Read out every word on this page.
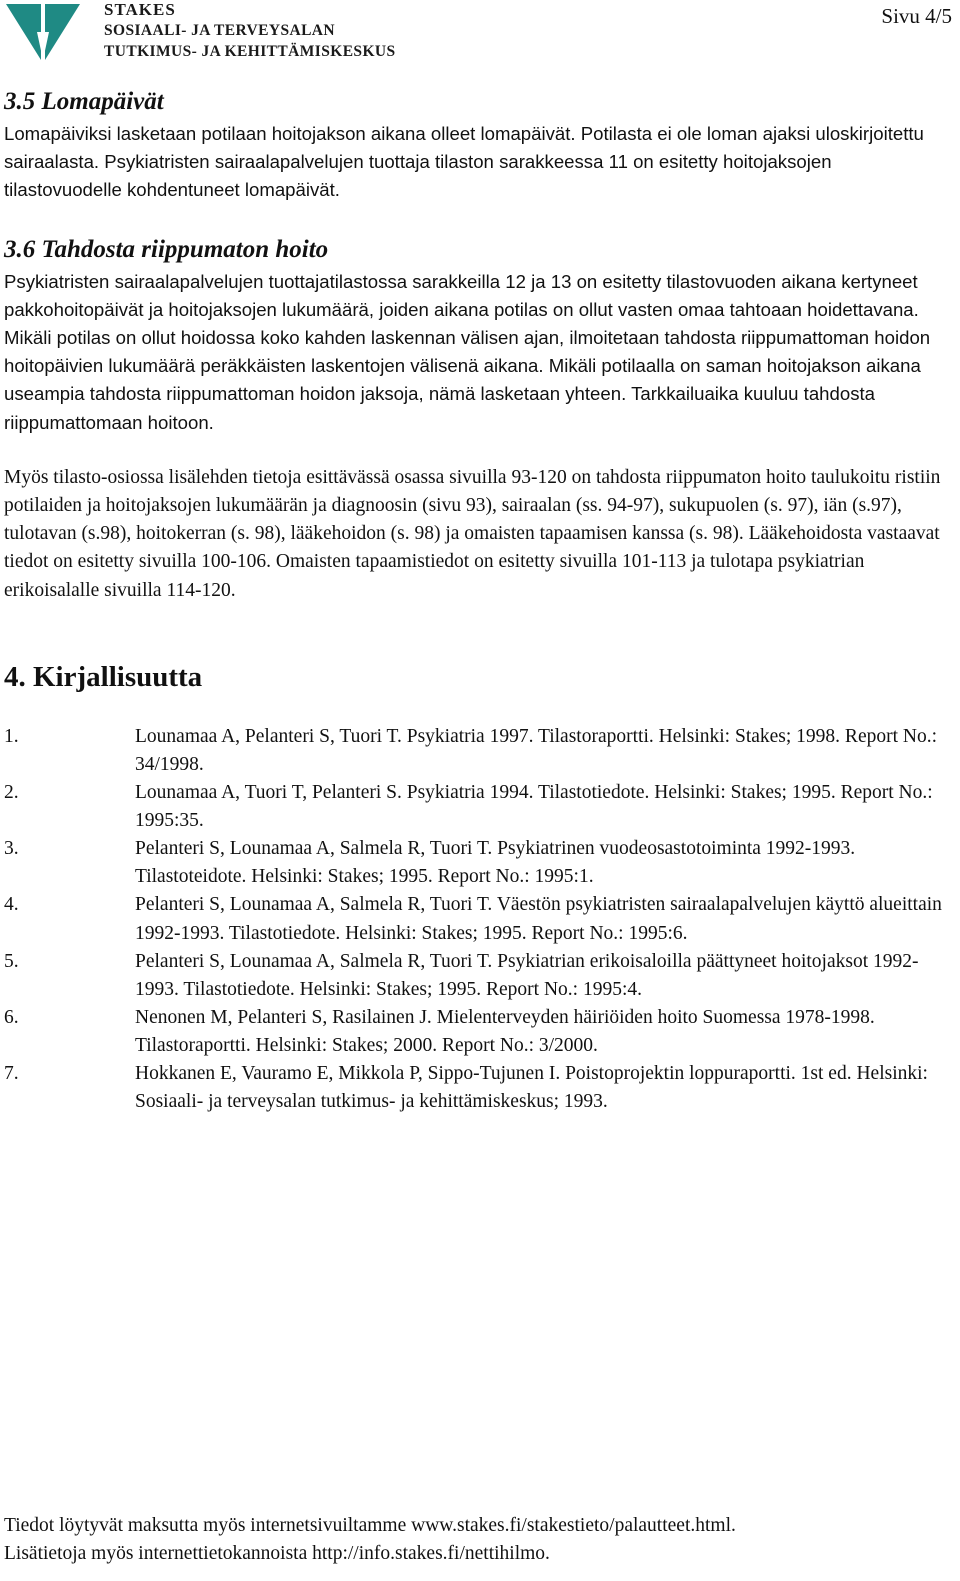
STAKES
SOSIAALI- JA TERVEYSALAN
TUTKIMUS- JA KEHITTÄMISKESKUS
Sivu 4/5
3.5 Lomapäivät

Lomapäiviksi lasketaan potilaan hoitojakson aikana olleet lomapäivät. Potilasta ei ole loman ajaksi uloskirjoitettu sairaalasta. Psykiatristen sairaalapalvelujen tuottaja tilaston sarakkeessa 11 on esitetty hoitojaksojen tilastovuodelle kohdentuneet lomapäivät.

3.6 Tahdosta riippumaton hoito

Psykiatristen sairaalapalvelujen tuottajatilastossa sarakkeilla 12 ja 13 on esitetty tilastovuoden aikana kertyneet pakkohoitopäivät ja hoitojaksojen lukumäärä, joiden aikana potilas on ollut vasten omaa tahtoaan hoidettavana. Mikäli potilas on ollut hoidossa koko kahden laskennan välisen ajan, ilmoitetaan tahdosta riippumattoman hoidon hoitopäivien lukumäärä peräkkäisten laskentojen välisenä aikana. Mikäli potilaalla on saman hoitojakson aikana useampia tahdosta riippumattoman hoidon jaksoja, nämä lasketaan yhteen. Tarkkailuaika kuuluu tahdosta riippumattomaan hoitoon.

Myös tilasto-osiossa lisälehden tietoja esittävässä osassa sivuilla 93-120 on tahdosta riippumaton hoito taulukoitu ristiin potilaiden ja hoitojaksojen lukumäärän ja diagnoosin (sivu 93), sairaalan (ss. 94-97), sukupuolen (s. 97), iän (s.97), tulotavan (s.98), hoitokerran (s. 98), lääkehoidon (s. 98) ja omaisten tapaamisen kanssa (s. 98). Lääkehoidosta vastaavat tiedot on esitetty sivuilla 100-106. Omaisten tapaamistiedot on esitetty sivuilla 101-113 ja tulotapa psykiatrian erikoisalalle sivuilla 114-120.

4. Kirjallisuutta
1.	Lounamaa A, Pelanteri S, Tuori T. Psykiatria 1997. Tilastoraportti. Helsinki: Stakes; 1998. Report No.: 34/1998.
2.	Lounamaa A, Tuori T, Pelanteri S. Psykiatria 1994. Tilastotiedote. Helsinki: Stakes; 1995. Report No.: 1995:35.
3.	Pelanteri S, Lounamaa A, Salmela R, Tuori T. Psykiatrinen vuodeosastotoiminta 1992-1993. Tilastoteidote. Helsinki: Stakes; 1995. Report No.: 1995:1.
4.	Pelanteri S, Lounamaa A, Salmela R, Tuori T. Väestön psykiatristen sairaalapalvelujen käyttö alueittain 1992-1993. Tilastotiedote. Helsinki: Stakes; 1995. Report No.: 1995:6.
5.	Pelanteri S, Lounamaa A, Salmela R, Tuori T. Psykiatrian erikoisaloilla päättyneet hoitojaksot 1992-1993. Tilastotiedote. Helsinki: Stakes; 1995. Report No.: 1995:4.
6.	Nenonen M, Pelanteri S, Rasilainen J. Mielenterveyden häiriöiden hoito Suomessa 1978-1998. Tilastoraportti. Helsinki: Stakes; 2000. Report No.: 3/2000.
7.	Hokkanen E, Vauramo E, Mikkola P, Sippo-Tujunen I. Poistoprojektin loppuraportti. 1st ed. Helsinki: Sosiaali- ja terveysalan tutkimus- ja kehittämiskeskus; 1993.
Tiedot löytyvät maksutta myös internetsivuiltamme www.stakes.fi/stakestieto/palautteet.html.
Lisätietoja myös internettietokannoista http://info.stakes.fi/nettihilmo.
